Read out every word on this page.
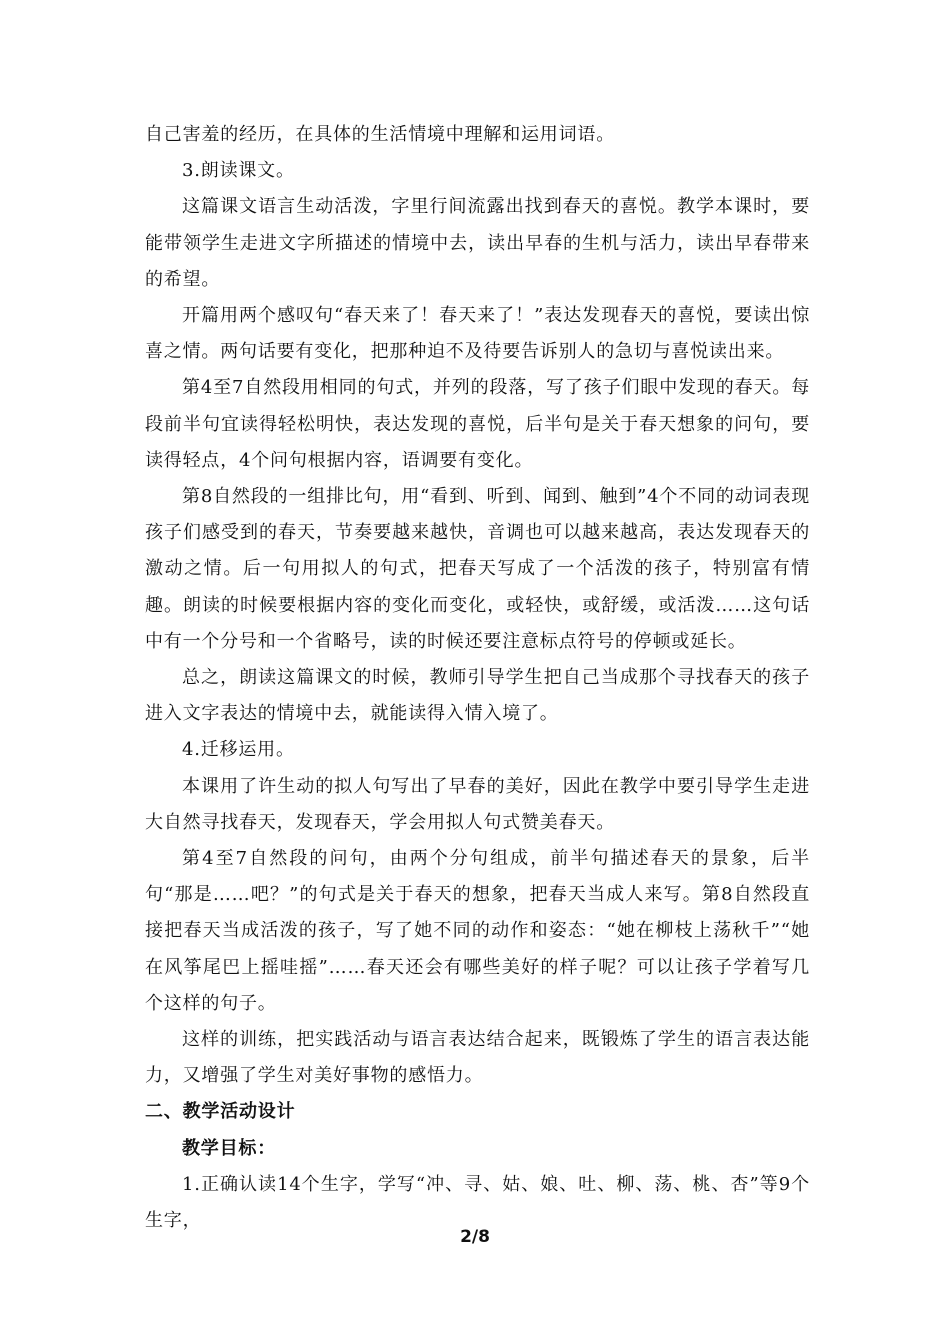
自己害羞的经历，在具体的生活情境中理解和运用词语。

3.朗读课文。

这篇课文语言生动活泼，字里行间流露出找到春天的喜悦。教学本课时，要能带领学生走进文字所描述的情境中去，读出早春的生机与活力，读出早春带来的希望。

开篇用两个感叹句“春天来了！春天来了！”表达发现春天的喜悦，要读出惊喜之情。两句话要有变化，把那种迫不及待要告诉别人的急切与喜悦读出来。

第4至7自然段用相同的句式，并列的段落，写了孩子们眼中发现的春天。每段前半句宜读得轻松明快，表达发现的喜悦，后半句是关于春天想象的问句，要读得轻点，4个问句根据内容，语调要有变化。

第8自然段的一组排比句，用“看到、听到、闻到、触到”4个不同的动词表现孩子们感受到的春天，节奏要越来越快，音调也可以越来越高，表达发现春天的激动之情。后一句用拟人的句式，把春天写成了一个活泼的孩子，特别富有情趣。朗读的时候要根据内容的变化而变化，或轻快，或舒缓，或活泼……这句话中有一个分号和一个省略号，读的时候还要注意标点符号的停顿或延长。

总之，朗读这篇课文的时候，教师引导学生把自己当成那个寻找春天的孩子进入文字表达的情境中去，就能读得入情入境了。

4.迁移运用。

本课用了许生动的拟人句写出了早春的美好，因此在教学中要引导学生走进大自然寻找春天，发现春天，学会用拟人句式赞美春天。

第4至7自然段的问句，由两个分句组成，前半句描述春天的景象，后半句“那是……吧？”的句式是关于春天的想象，把春天当成人来写。第8自然段直接把春天当成活泼的孩子，写了她不同的动作和姿态：“她在柳枝上荡秋千”“她在风筝尾巴上摇哇摇”……春天还会有哪些美好的样子呢？可以让孩子学着写几个这样的句子。

这样的训练，把实践活动与语言表达结合起来，既锻炼了学生的语言表达能力，又增强了学生对美好事物的感悟力。

二、教学活动设计

教学目标：

1.正确认读14个生字，学写“冲、寻、姑、娘、吐、柳、荡、桃、杏”等9个生字，

2/8
